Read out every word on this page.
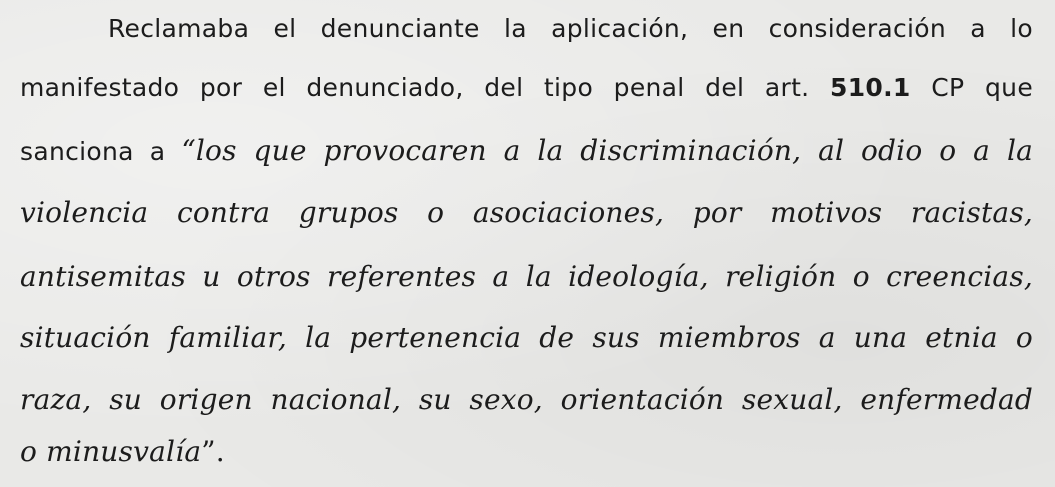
Reclamaba el denunciante la aplicación, en consideración a lo
manifestado por el denunciado, del tipo penal del art. 510.1 CP que
sanciona a “los que provocaren a la discriminación, al odio o a la
violencia contra grupos o asociaciones, por motivos racistas,
antisemitas u otros referentes a la ideología, religión o creencias,
situación familiar, la pertenencia de sus miembros a una etnia o
raza, su origen nacional, su sexo, orientación sexual, enfermedad
o minusvalía”.
